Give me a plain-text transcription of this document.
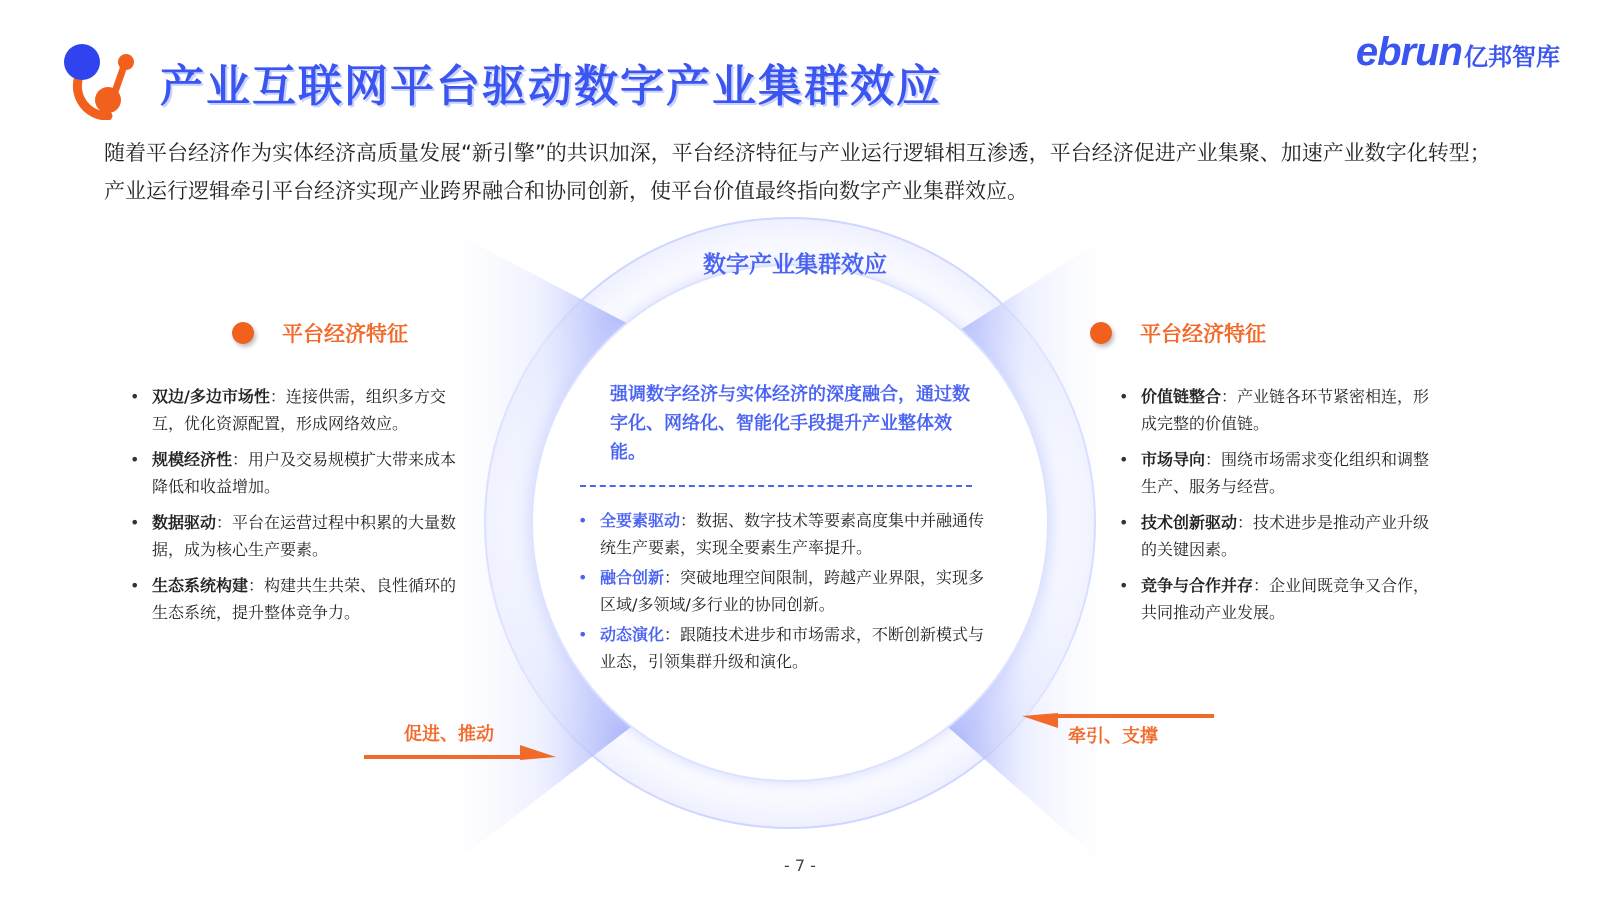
产业互联网平台驱动数字产业集群效应
ebrun 亿邦智库

随着平台经济作为实体经济高质量发展“新引擎”的共识加深，平台经济特征与产业运行逻辑相互渗透，平台经济促进产业集聚、加速产业数字化转型；产业运行逻辑牵引平台经济实现产业跨界融合和协同创新，使平台价值最终指向数字产业集群效应。

数字产业集群效应
平台经济特征	平台经济特征
• 双边/多边市场性：连接供需，组织多方交互，优化资源配置，形成网络效应。
• 规模经济性：用户及交易规模扩大带来成本降低和收益增加。
• 数据驱动：平台在运营过程中积累的大量数据，成为核心生产要素。
• 生态系统构建：构建共生共荣、良性循环的生态系统，提升整体竞争力。
• 价值链整合：产业链各环节紧密相连，形成完整的价值链。
• 市场导向：围绕市场需求变化组织和调整生产、服务与经营。
• 技术创新驱动：技术进步是推动产业升级的关键因素。
• 竞争与合作并存：企业间既竞争又合作，共同推动产业发展。

强调数字经济与实体经济的深度融合，通过数字化、网络化、智能化手段提升产业整体效能。

• 全要素驱动：数据、数字技术等要素高度集中并融通传统生产要素，实现全要素生产率提升。
• 融合创新：突破地理空间限制，跨越产业界限，实现多区域/多领域/多行业的协同创新。
• 动态演化：跟随技术进步和市场需求，不断创新模式与业态，引领集群升级和演化。
促进、推动	牵引、支撑
- 7 -
